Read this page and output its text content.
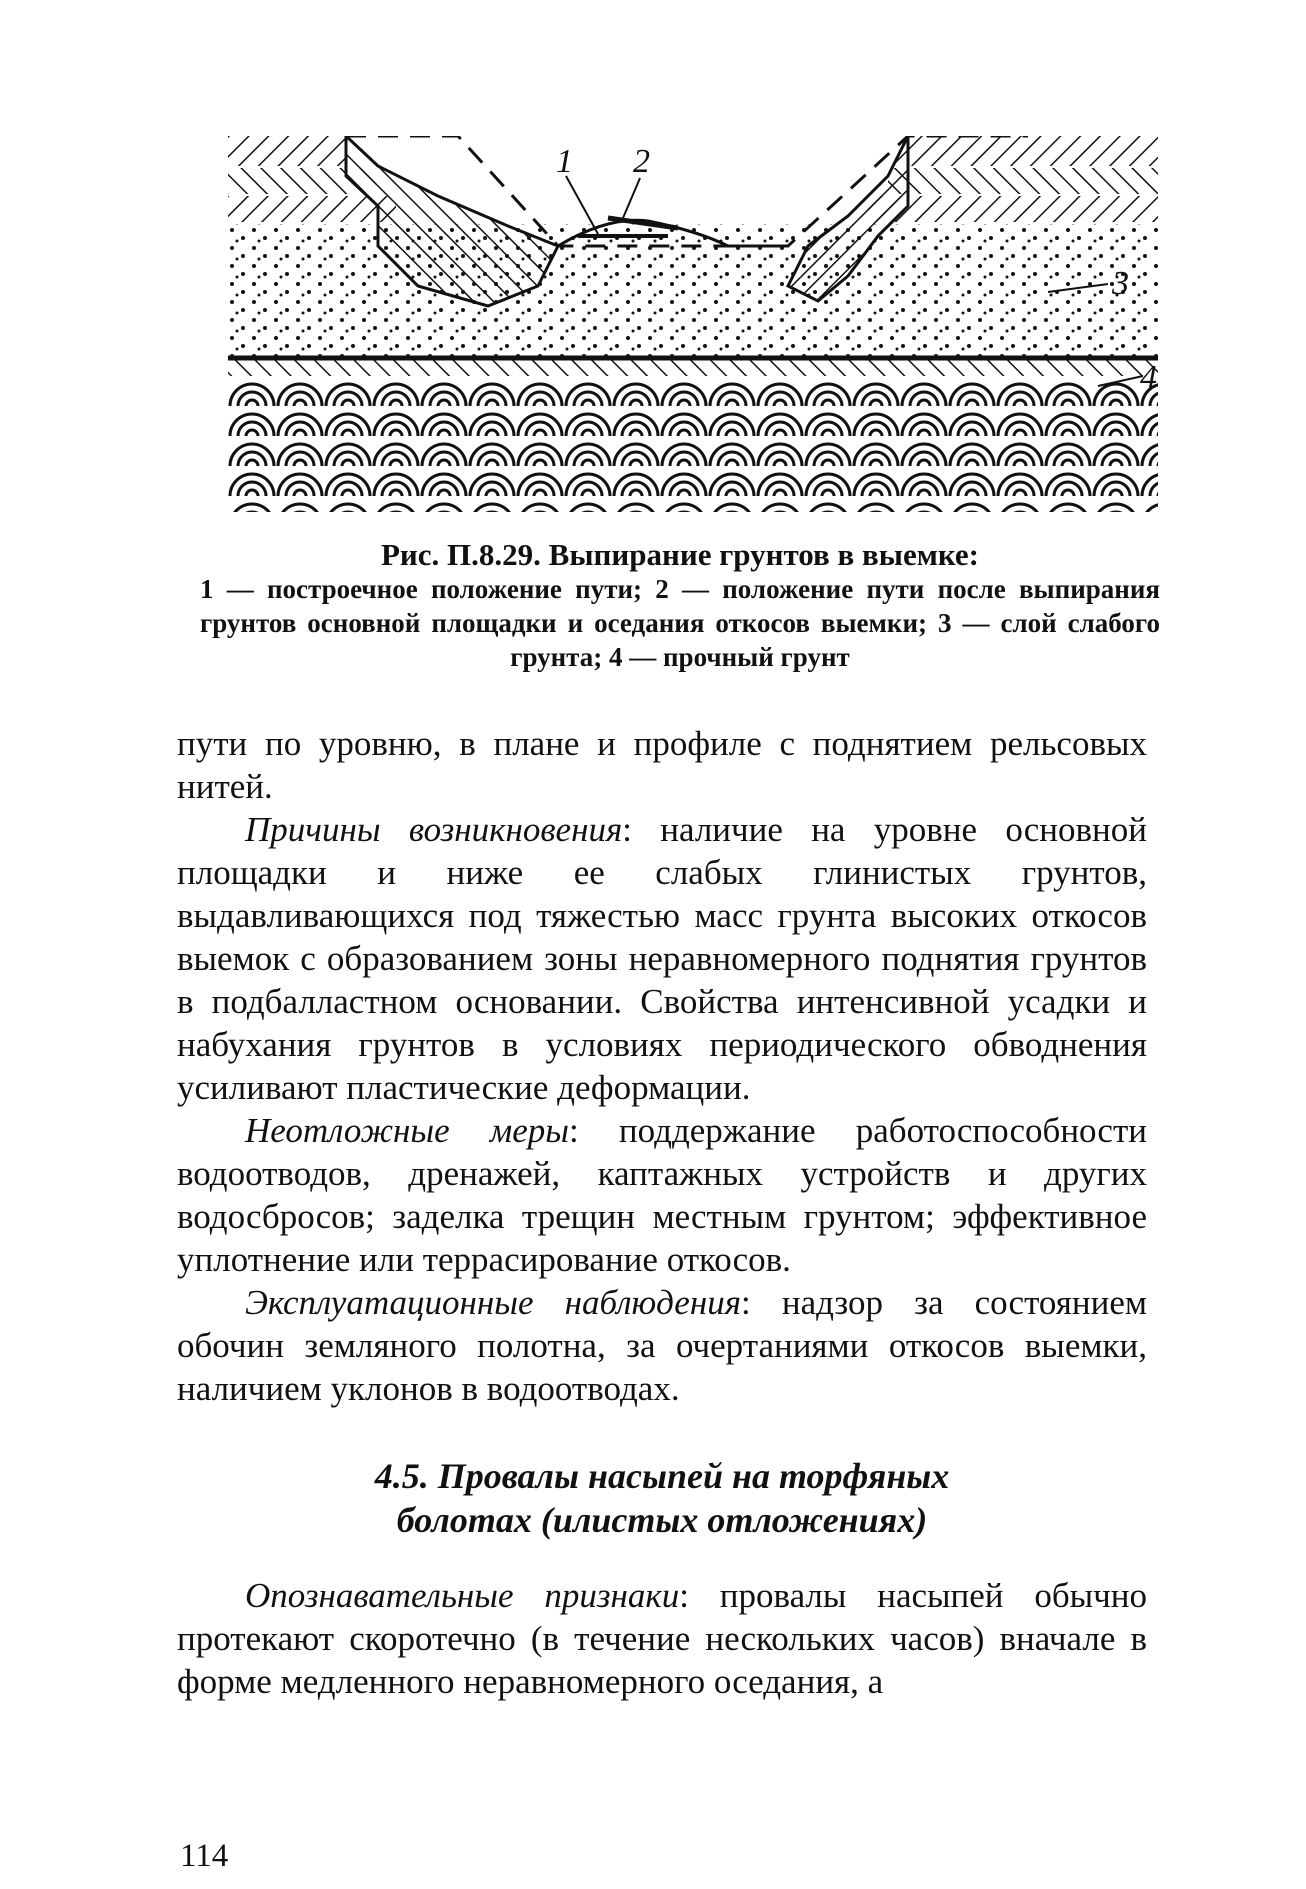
1 2
3
4
Рис. П.8.29. Выпирание грунтов в выемке:
1 — построечное положение пути; 2 — положение пути после выпирания грунтов основной площадки и оседания откосов выемки; 3 — слой слабого грунта; 4 — прочный грунт

пути по уровню, в плане и профиле с поднятием рельсовых нитей.

Причины возникновения: наличие на уровне основной площадки и ниже ее слабых глинистых грунтов, выдавливающихся под тяжестью масс грунта высоких откосов выемок с образованием зоны неравномерного поднятия грунтов в подбалластном основании. Свойства интенсивной усадки и набухания грунтов в условиях периодического обводнения усиливают пластические деформации.

Неотложные меры: поддержание работоспособности водоотводов, дренажей, каптажных устройств и других водосбросов; заделка трещин местным грунтом; эффективное уплотнение или террасирование откосов.

Эксплуатационные наблюдения: надзор за состоянием обочин земляного полотна, за очертаниями откосов выемки, наличием уклонов в водоотводах.

4.5. Провалы насыпей на торфяных
болотах (илистых отложениях)

Опознавательные признаки: провалы насыпей обычно протекают скоротечно (в течение нескольких часов) вначале в форме медленного неравномерного оседания, а

114
